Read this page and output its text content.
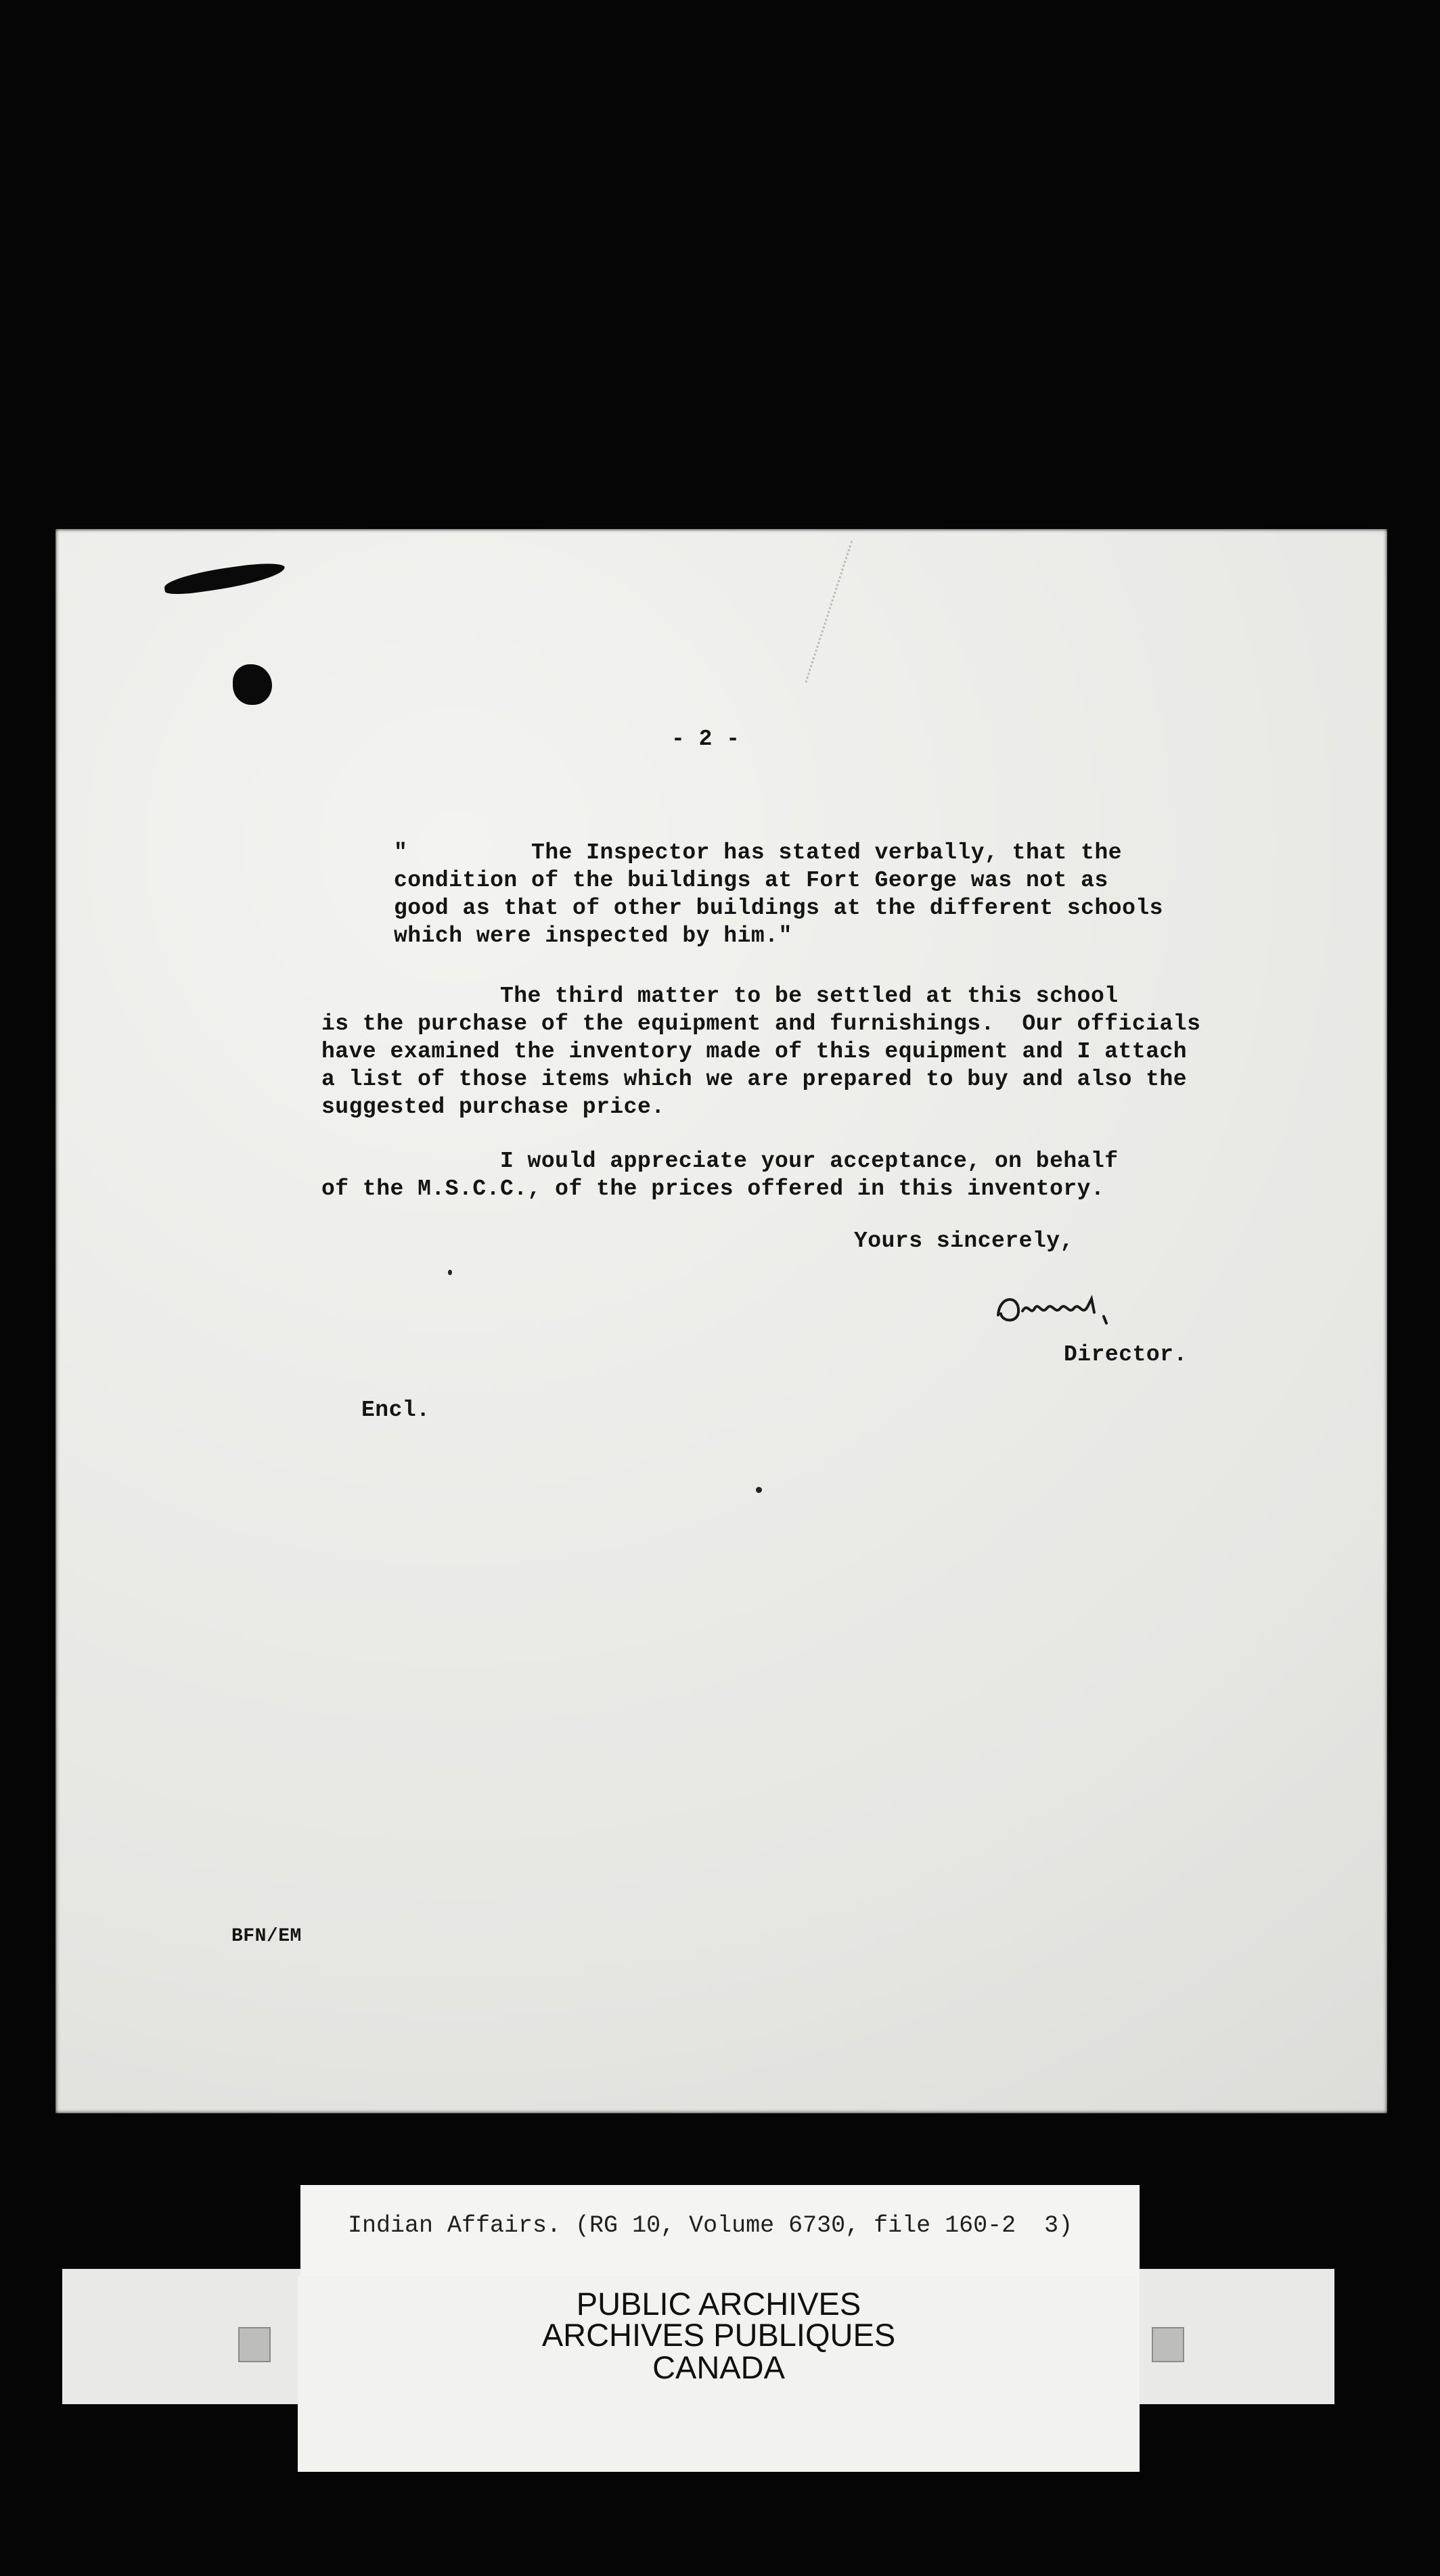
- 2 -
"         The Inspector has stated verbally, that the
condition of the buildings at Fort George was not as
good as that of other buildings at the different schools
which were inspected by him."
The third matter to be settled at this school
is the purchase of the equipment and furnishings.  Our officials
have examined the inventory made of this equipment and I attach
a list of those items which we are prepared to buy and also the
suggested purchase price.
I would appreciate your acceptance, on behalf
of the M.S.C.C., of the prices offered in this inventory.
Yours sincerely,
Director.
Encl.
BFN/EM
Indian Affairs. (RG 10, Volume 6730, file 160-2  3)
PUBLIC ARCHIVES
ARCHIVES PUBLIQUES
CANADA
